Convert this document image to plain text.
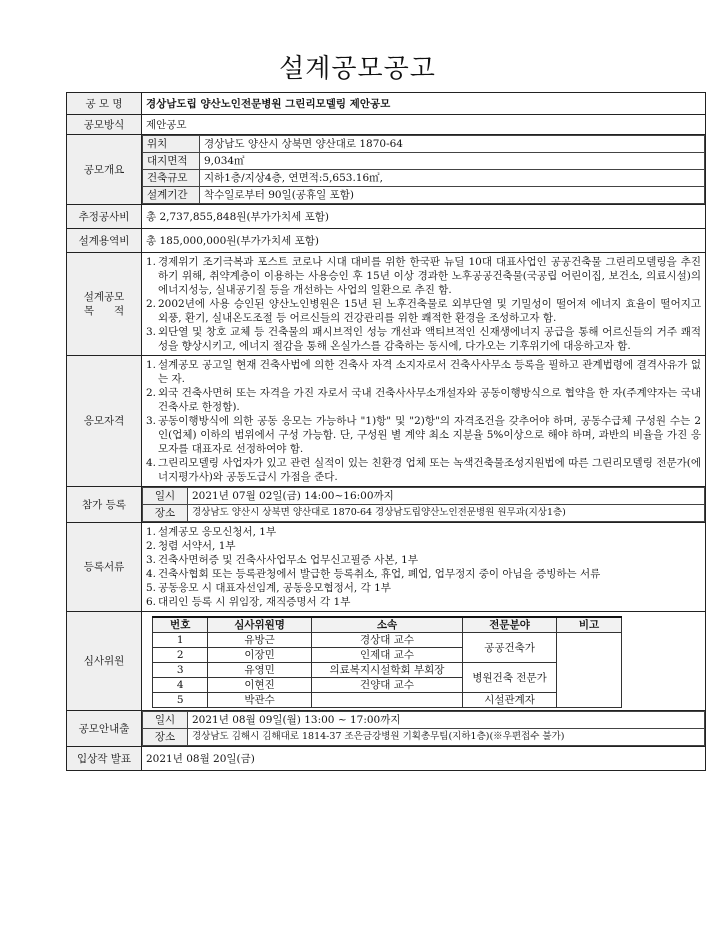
설계공모공고
공 모 명	경상남도립 양산노인전문병원 그린리모델링 제안공모
공모방식	제안공모
공모개요	
위치	경상남도 양산시 상북면 양산대로 1870-64
대지면적	9,034㎡
건축규모	지하1층/지상4층, 연면적:5,653.16㎡,
설계기간	착수일로부터 90일(공휴일 포함)

추정공사비	총 2,737,855,848원(부가가치세 포함)
설계용역비	총 185,000,000원(부가가치세 포함)

설계공모
목      적

1. 경제위기 조기극복과 포스트 코로나 시대 대비를 위한 한국판 뉴딜 10대 대표사업인 공공건축물 그린리모델링을 추진하기 위해, 취약계층이 이용하는 사용승인 후 15년 이상 경과한 노후공공건축물(국공립 어린이집, 보건소, 의료시설)의 에너지성능, 실내공기질 등을 개선하는 사업의 일환으로 추진 함.
2. 2002년에 사용 승인된 양산노인병원은 15년 된 노후건축물로 외부단열 및 기밀성이 떨어져 에너지 효율이 떨어지고 외풍, 환기, 실내온도조절 등 어르신들의 건강관리를 위한 쾌적한 환경을 조성하고자 함.
3. 외단열 및 창호 교체 등 건축물의 패시브적인 성능 개선과 액티브적인 신재생에너지 공급을 통해 어르신들의 거주 쾌적성을 향상시키고, 에너지 절감을 통해 온실가스를 감축하는 동시에, 다가오는 기후위기에 대응하고자 함.

응모자격	
1. 설계공모 공고일 현재 건축사법에 의한 건축사 자격 소지자로서 건축사사무소 등록을 필하고 관계법령에 결격사유가 없는 자.
2. 외국 건축사면허 또는 자격을 가진 자로서 국내 건축사사무소개설자와 공동이행방식으로 협약을 한 자(주계약자는 국내건축사로 한정함).
3. 공동이행방식에 의한 공동 응모는 가능하나 "1)항" 및 "2)항"의 자격조건을 갖추어야 하며, 공동수급체 구성원 수는 2인(업체) 이하의 범위에서 구성 가능함. 단, 구성원 별 계약 최소 지분율 5%이상으로 해야 하며, 과반의 비율을 가진 응모자를 대표자로 선정하여야 함.
4. 그린리모델링 사업자가 있고 관련 실적이 있는 친환경 업체 또는 녹색건축물조성지원법에 따른 그린리모델링 전문가(에너지평가사)와 공동도급시 가점을 준다.

참가 등록	
일시	2021년 07월 02일(금) 14:00~16:00까지
장소	경상남도 양산시 상북면 양산대로 1870-64 경상남도립양산노인전문병원 원무과(지상1층)

등록서류	
1. 설계공모 응모신청서, 1부
2. 청렴 서약서, 1부
3. 건축사면허증 및 건축사사업무소 업무신고필증 사본, 1부
4. 건축사협회 또는 등록관청에서 발급한 등록취소, 휴업, 폐업, 업무정지 중이 아님을 증빙하는 서류
5. 공동응모 시 대표자선임계, 공동응모협정서, 각 1부
6. 대리인 등록 시 위임장, 재직증명서 각 1부

심사위원	
번호	심사위원명	소속	전문분야	비고
1	유방근	경상대 교수	공공건축가	
2	이장민	인제대 교수
3	유영민	의료복지시설학회 부회장	병원건축 전문가
4	이현진	건양대 교수
5	박관수		시설관계자

공모안내출	
일시	2021년 08월 09일(월) 13:00 ~ 17:00까지
장소	경상남도 김해시 김해대로 1814-37 조은금강병원 기획총무팀(지하1층)(※우편접수 불가)

입상작 발표	2021년 08월 20일(금)
